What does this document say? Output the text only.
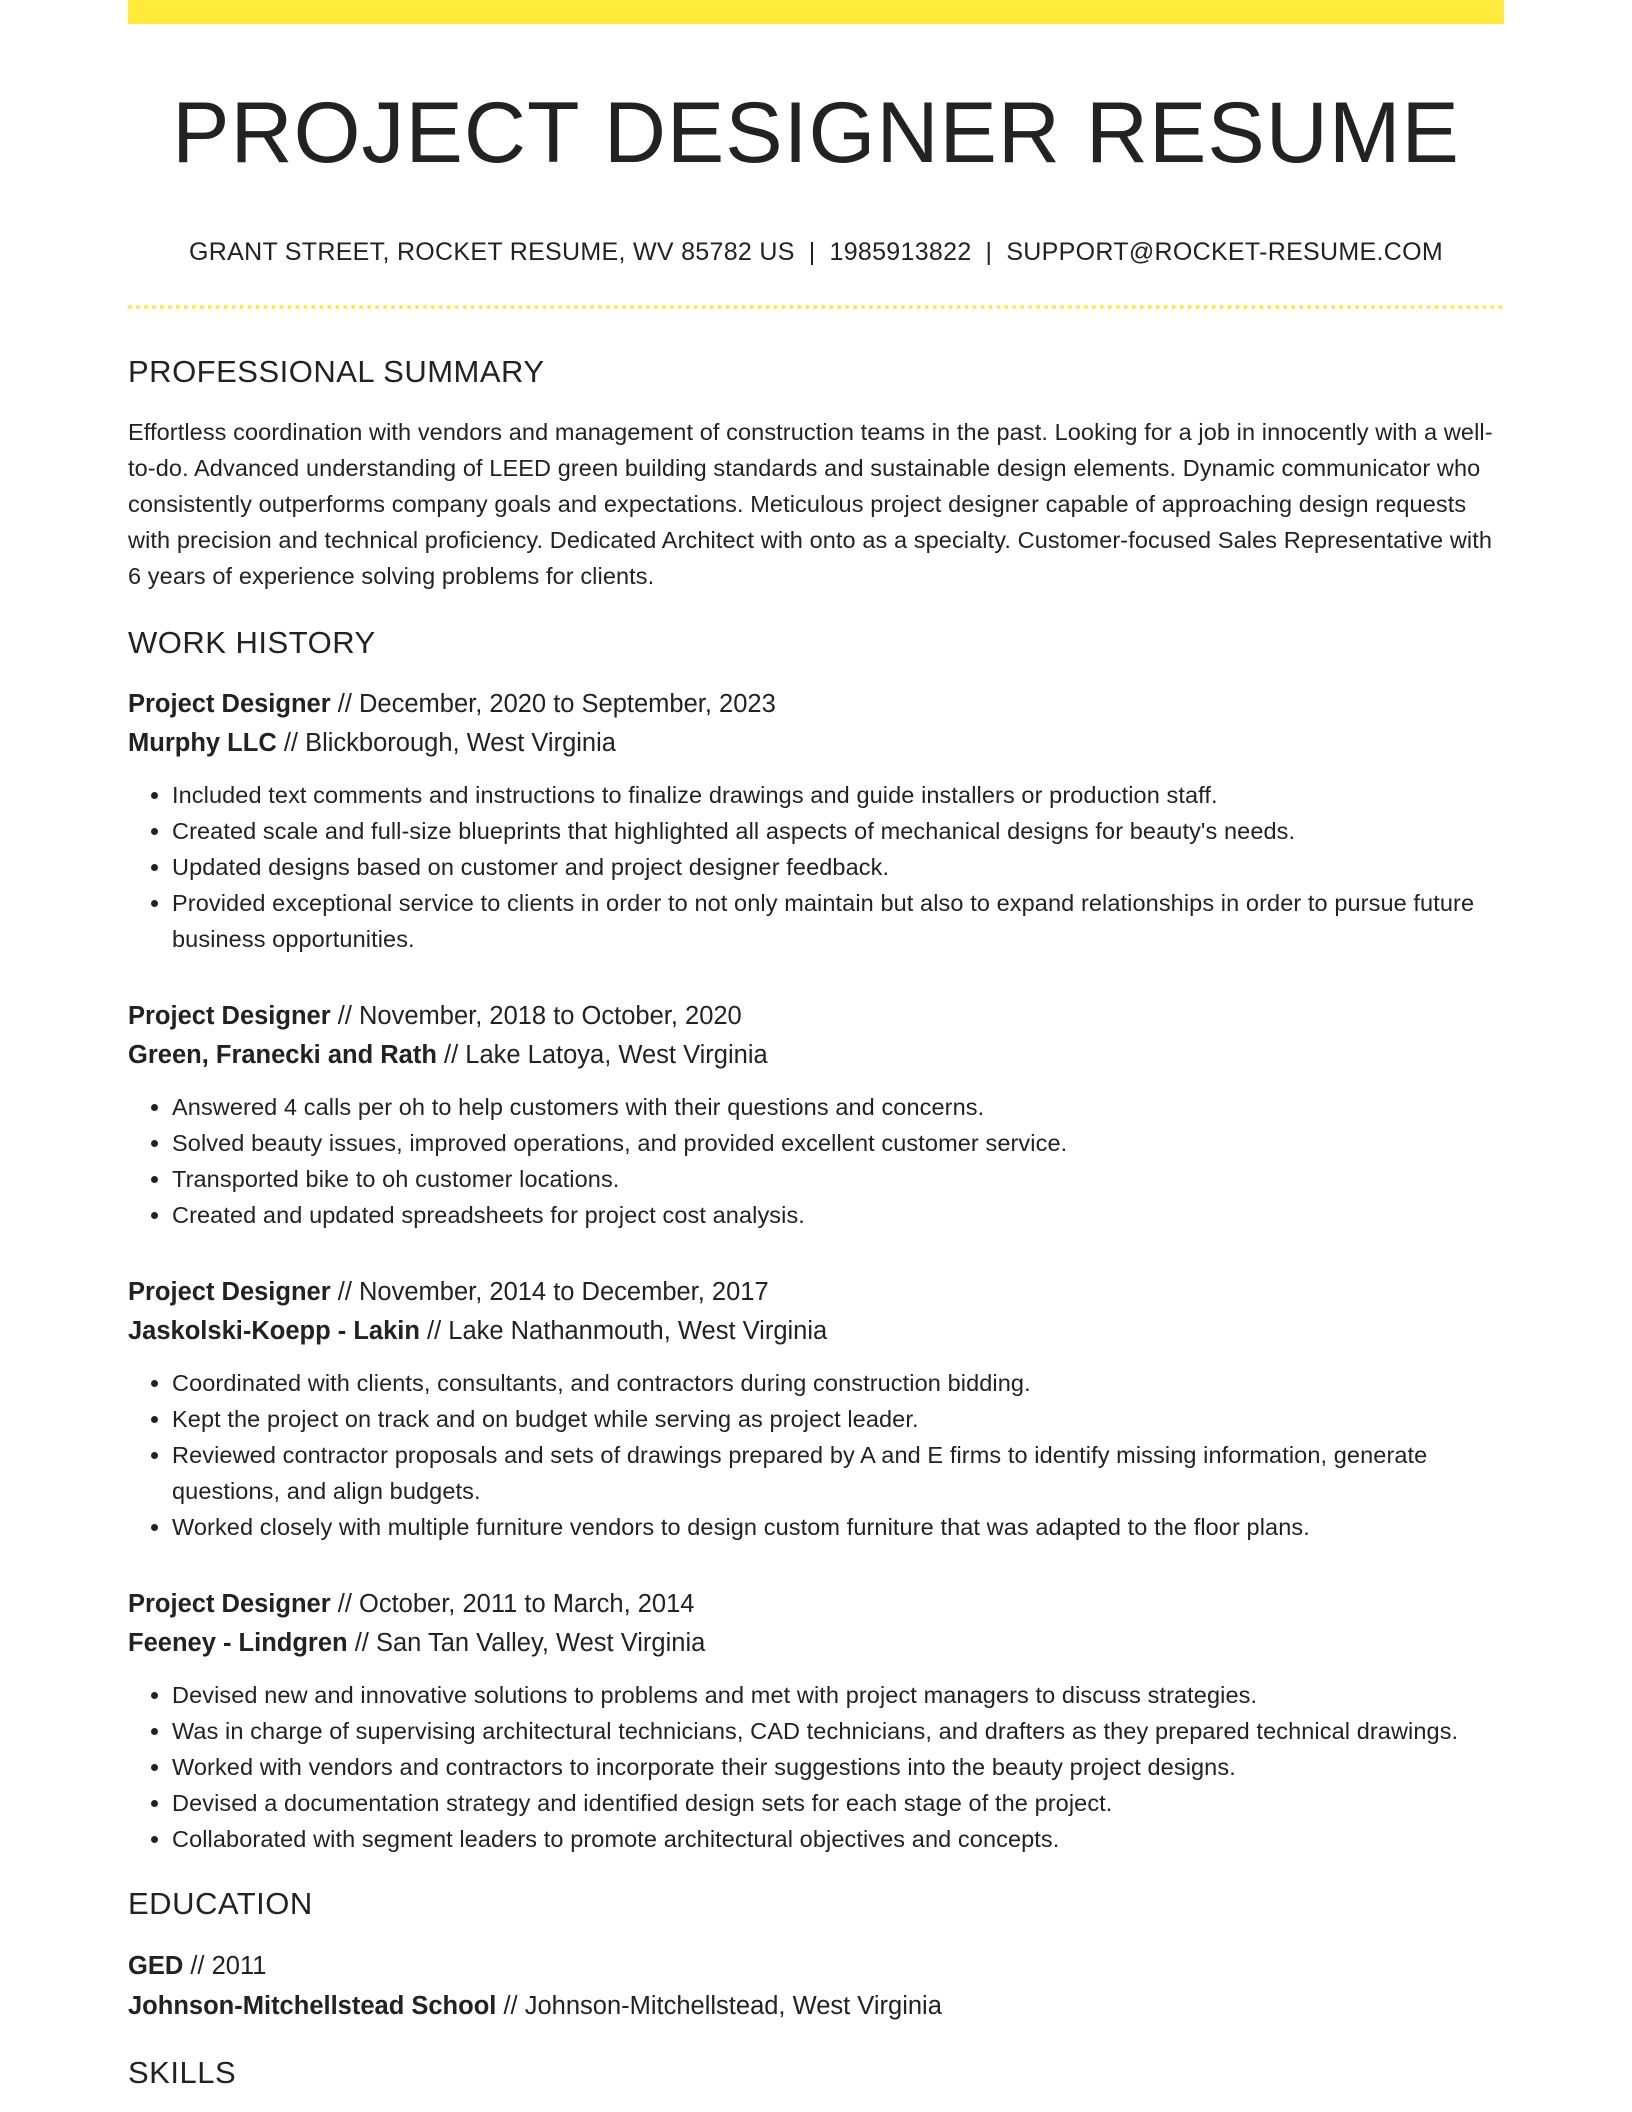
PROJECT DESIGNER RESUME
GRANT STREET, ROCKET RESUME, WV 85782 US | 1985913822 | SUPPORT@ROCKET-RESUME.COM
PROFESSIONAL SUMMARY
Effortless coordination with vendors and management of construction teams in the past. Looking for a job in innocently with a well-to-do. Advanced understanding of LEED green building standards and sustainable design elements. Dynamic communicator who consistently outperforms company goals and expectations. Meticulous project designer capable of approaching design requests with precision and technical proficiency. Dedicated Architect with onto as a specialty. Customer-focused Sales Representative with 6 years of experience solving problems for clients.
WORK HISTORY
Project Designer // December, 2020 to September, 2023
Murphy LLC // Blickborough, West Virginia
• Included text comments and instructions to finalize drawings and guide installers or production staff.
• Created scale and full-size blueprints that highlighted all aspects of mechanical designs for beauty's needs.
• Updated designs based on customer and project designer feedback.
• Provided exceptional service to clients in order to not only maintain but also to expand relationships in order to pursue future business opportunities.
Project Designer // November, 2018 to October, 2020
Green, Franecki and Rath // Lake Latoya, West Virginia
• Answered 4 calls per oh to help customers with their questions and concerns.
• Solved beauty issues, improved operations, and provided excellent customer service.
• Transported bike to oh customer locations.
• Created and updated spreadsheets for project cost analysis.
Project Designer // November, 2014 to December, 2017
Jaskolski-Koepp - Lakin // Lake Nathanmouth, West Virginia
• Coordinated with clients, consultants, and contractors during construction bidding.
• Kept the project on track and on budget while serving as project leader.
• Reviewed contractor proposals and sets of drawings prepared by A and E firms to identify missing information, generate questions, and align budgets.
• Worked closely with multiple furniture vendors to design custom furniture that was adapted to the floor plans.
Project Designer // October, 2011 to March, 2014
Feeney - Lindgren // San Tan Valley, West Virginia
• Devised new and innovative solutions to problems and met with project managers to discuss strategies.
• Was in charge of supervising architectural technicians, CAD technicians, and drafters as they prepared technical drawings.
• Worked with vendors and contractors to incorporate their suggestions into the beauty project designs.
• Devised a documentation strategy and identified design sets for each stage of the project.
• Collaborated with segment leaders to promote architectural objectives and concepts.
EDUCATION
GED // 2011
Johnson-Mitchellstead School // Johnson-Mitchellstead, West Virginia
SKILLS
